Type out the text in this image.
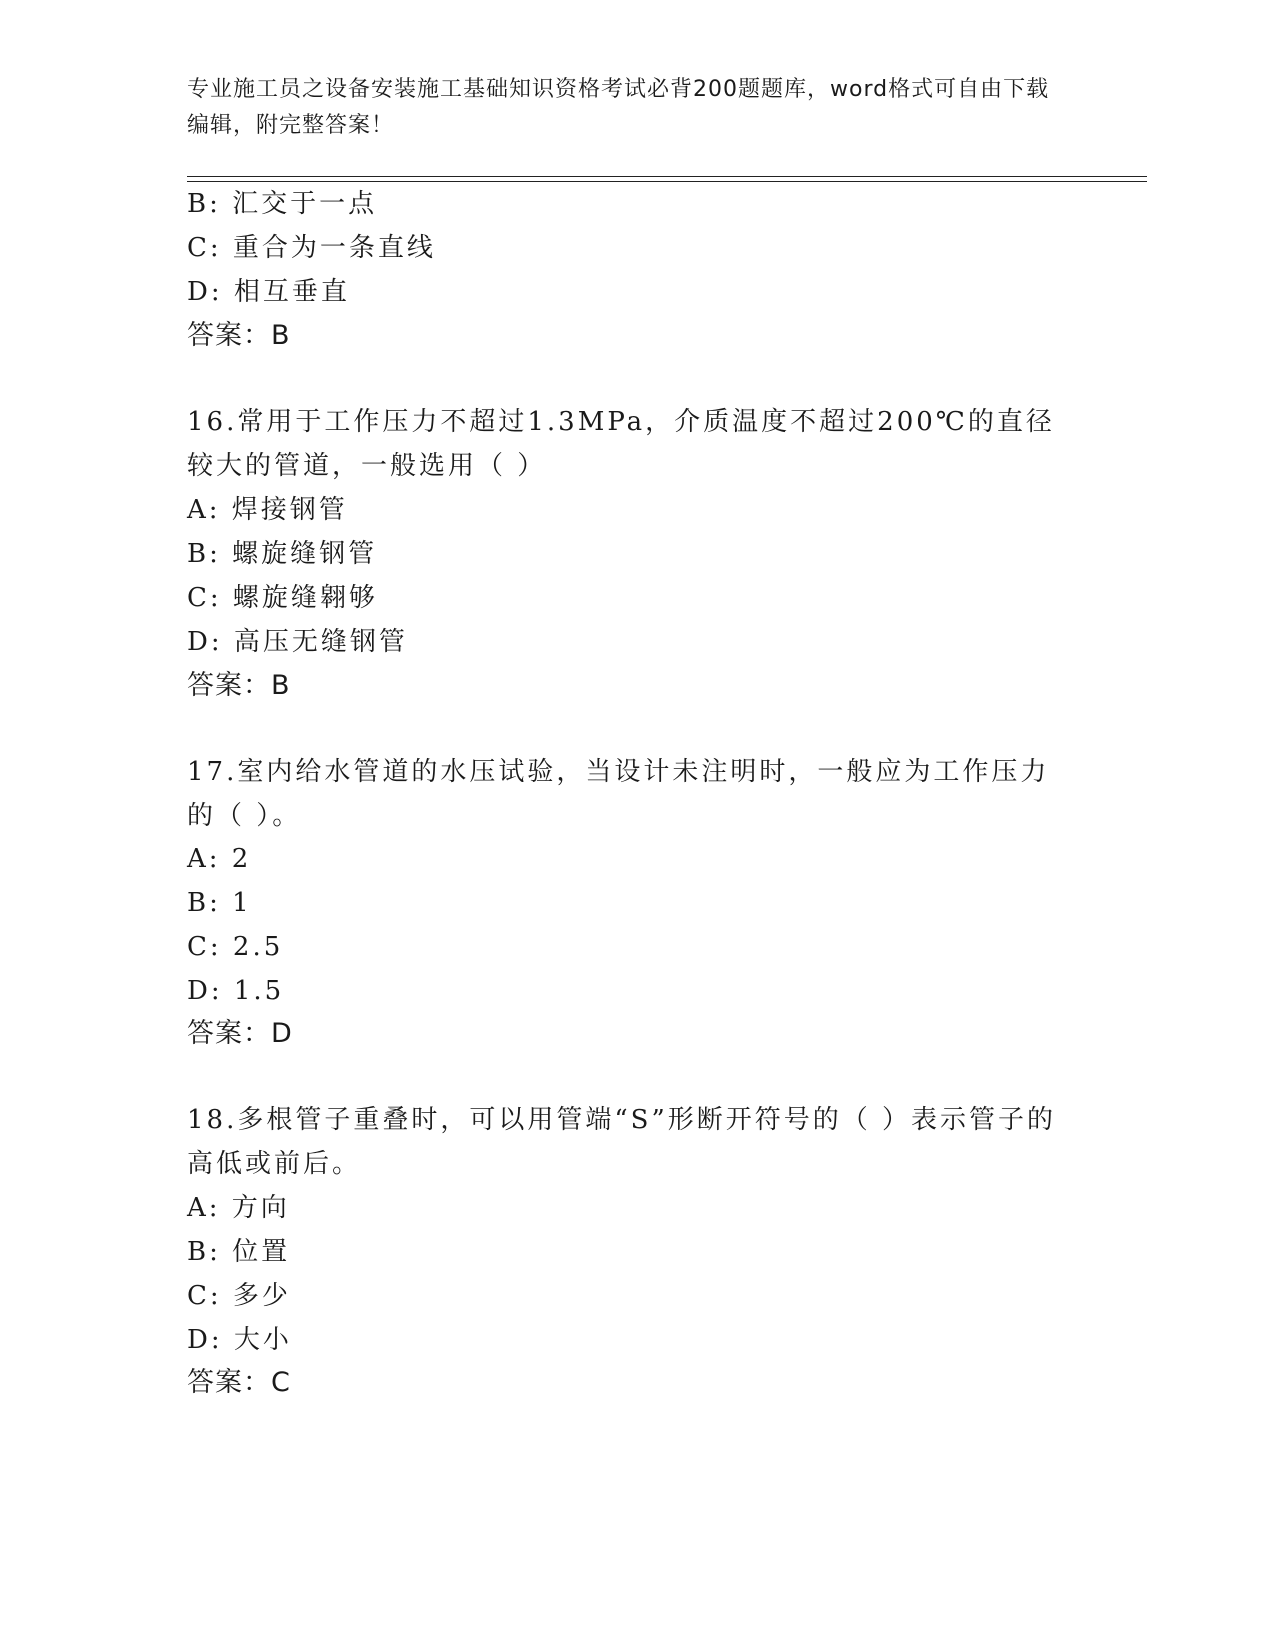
专业施工员之设备安装施工基础知识资格考试必背200题题库，word格式可自由下载编辑，附完整答案！
B: 汇交于一点
C: 重合为一条直线
D: 相互垂直
答案：B
16.常用于工作压力不超过1.3MPa，介质温度不超过200℃的直径较大的管道，一般选用（ ）
A: 焊接钢管
B: 螺旋缝钢管
C: 螺旋缝翱够
D: 高压无缝钢管
答案：B
17.室内给水管道的水压试验，当设计未注明时，一般应为工作压力的（ ）。
A: 2
B: 1
C: 2.5
D: 1.5
答案：D
18.多根管子重叠时，可以用管端“S”形断开符号的（ ）表示管子的高低或前后。
A: 方向
B: 位置
C: 多少
D: 大小
答案：C
